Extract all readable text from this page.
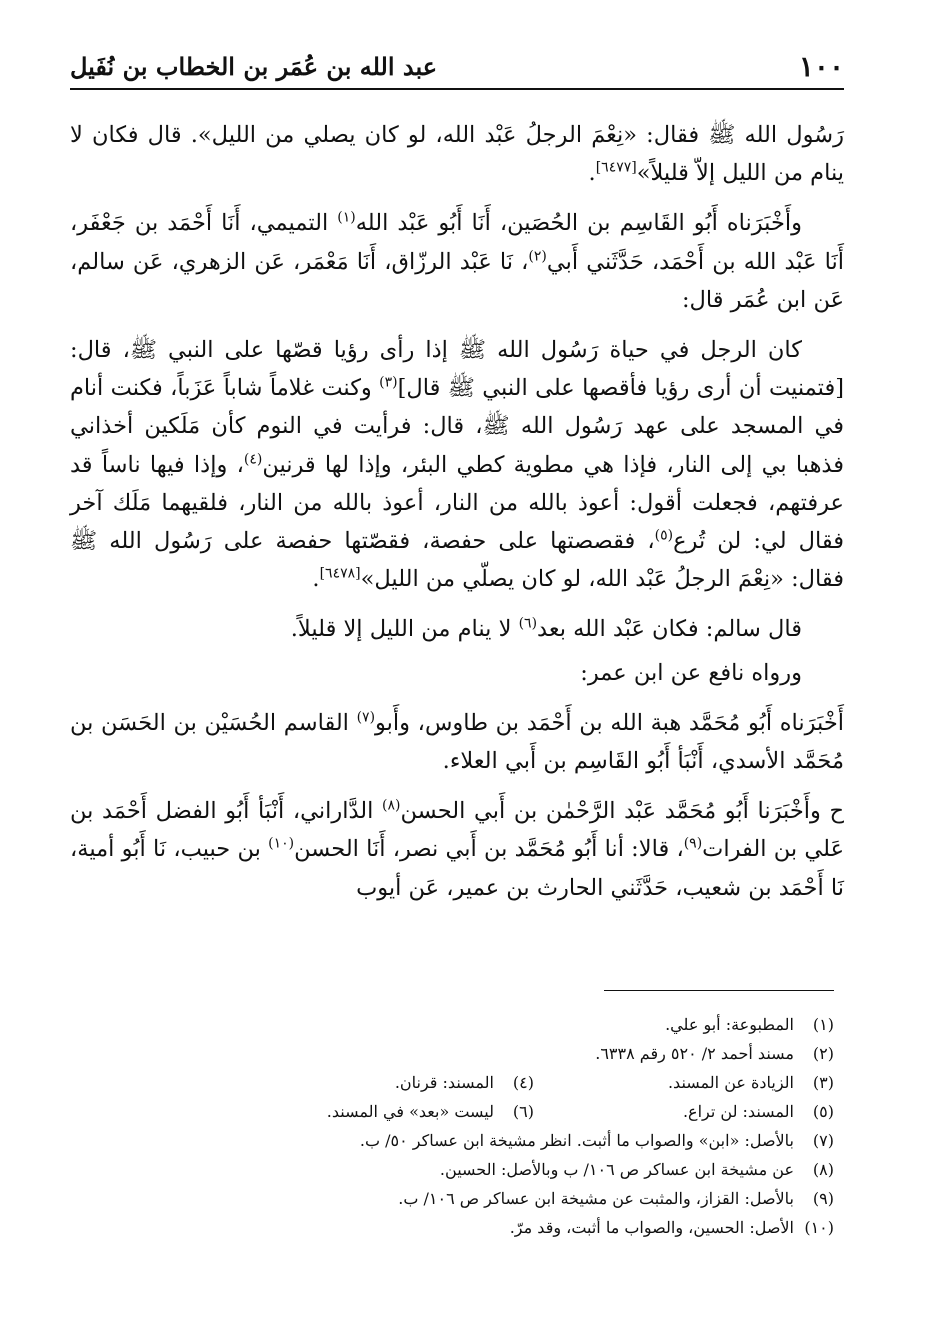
١٠٠
عبد الله بن عُمَر بن الخطاب بن نُفَيل

رَسُول الله ﷺ فقال: «نِعْمَ الرجلُ عَبْد الله، لو كان يصلي من الليل». قال فكان لا ينام من الليل إلاّ قليلاً»[٦٤٧٧].

وأَخْبَرَناه أَبُو القَاسِم بن الحُصَين، أَنَا أَبُو عَبْد الله$^{(١)}$ التميمي، أَنَا أَحْمَد بن جَعْفَر، أَنَا عَبْد الله بن أَحْمَد، حَدَّثَني أَبي$^{(٢)}$، نَا عَبْد الرزّاق، أَنَا مَعْمَر، عَن الزهري، عَن سالم، عَن ابن عُمَر قال:

كان الرجل في حياة رَسُول الله ﷺ إذا رأى رؤيا قصّها على النبي ﷺ، قال: [فتمنيت أن أرى رؤيا فأقصها على النبي ﷺ قال]$^{(٣)}$ وكنت غلاماً شاباً عَزَباً، فكنت أنام في المسجد على عهد رَسُول الله ﷺ، قال: فرأيت في النوم كأن مَلَكين أخذاني فذهبا بي إلى النار، فإذا هي مطوية كطي البئر، وإذا لها قرنين$^{(٤)}$، وإذا فيها ناساً قد عرفتهم، فجعلت أقول: أعوذ بالله من النار، أعوذ بالله من النار، فلقيهما مَلَك آخر فقال لي: لن تُرع$^{(٥)}$، فقصصتها على حفصة، فقصّتها حفصة على رَسُول الله ﷺ فقال: «نِعْمَ الرجلُ عَبْد الله، لو كان يصلّي من الليل»[٦٤٧٨].

قال سالم: فكان عَبْد الله بعد$^{(٦)}$ لا ينام من الليل إلا قليلاً.

ورواه نافع عن ابن عمر:

أَخْبَرَناه أَبُو مُحَمَّد هبة الله بن أَحْمَد بن طاوس، وأَبو$^{(٧)}$ القاسم الحُسَيْن بن الحَسَن بن مُحَمَّد الأسدي، أَنْبَأ أَبُو القَاسِم بن أَبي العلاء.

ح وأَخْبَرَنا أَبُو مُحَمَّد عَبْد الرَّحْمٰن بن أَبي الحسن$^{(٨)}$ الدَّاراني، أَنْبَأ أَبُو الفضل أَحْمَد بن عَلي بن الفرات$^{(٩)}$، قالا: أنا أَبُو مُحَمَّد بن أَبي نصر، أَنَا الحسن$^{(١٠)}$ بن حبيب، نَا أَبُو أمية، نَا أَحْمَد بن شعيب، حَدَّثَني الحارث بن عمير، عَن أيوب

(١)المطبوعة: أبو علي.
(٢)مسند أحمد ٢/ ٥٢٠ رقم ٦٣٣٨.
(٣)الزيادة عن المسند.
(٤)المسند: قرنان.
(٥)المسند: لن تراع.
(٦)ليست «بعد» في المسند.
(٧)بالأصل: «ابن» والصواب ما أثبت. انظر مشيخة ابن عساكر ٥٠/ ب.
(٨)عن مشيخة ابن عساكر ص ١٠٦/ ب وبالأصل: الحسين.
(٩)بالأصل: القزاز، والمثبت عن مشيخة ابن عساكر ص ١٠٦/ ب.
(١٠)الأصل: الحسين، والصواب ما أثبت، وقد مرّ.
